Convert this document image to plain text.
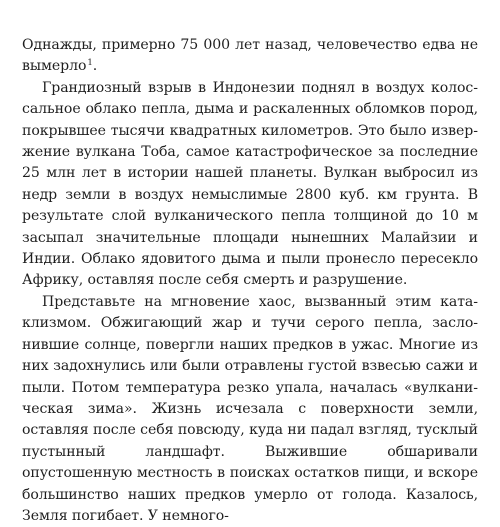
Однажды, примерно 75 000 лет назад, человечество едва не вымерло$^1$.

Грандиозный взрыв в Индонезии поднял в воздух колоссальное облако пепла, дыма и раскаленных обломков пород, покрывшее тысячи квадратных километров. Это было извержение вулкана Тоба, самое катастрофическое за последние 25 млн лет в истории нашей планеты. Вулкан выбросил из недр земли в воздух немыслимые 2800 куб. км грунта. В результате слой вулканического пепла толщиной до 10 м засыпал значительные площади нынешних Малайзии и Индии. Облако ядовитого дыма и пыли пронесло пересекло Африку, оставляя после себя смерть и разрушение.

Представьте на мгновение хаос, вызванный этим катаклизмом. Обжигающий жар и тучи серого пепла, заслонившие солнце, повергли наших предков в ужас. Многие из них задохнулись или были отравлены густой взвесью сажи и пыли. Потом температура резко упала, началась «вулканическая зима». Жизнь исчезала с поверхности земли, оставляя после себя повсюду, куда ни падал взгляд, тусклый пустынный ландшафт. Выжившие обшаривали опустошенную местность в поисках остатков пищи, и вскоре большинство наших предков умерло от голода. Казалось, Земля погибает. У немного-
